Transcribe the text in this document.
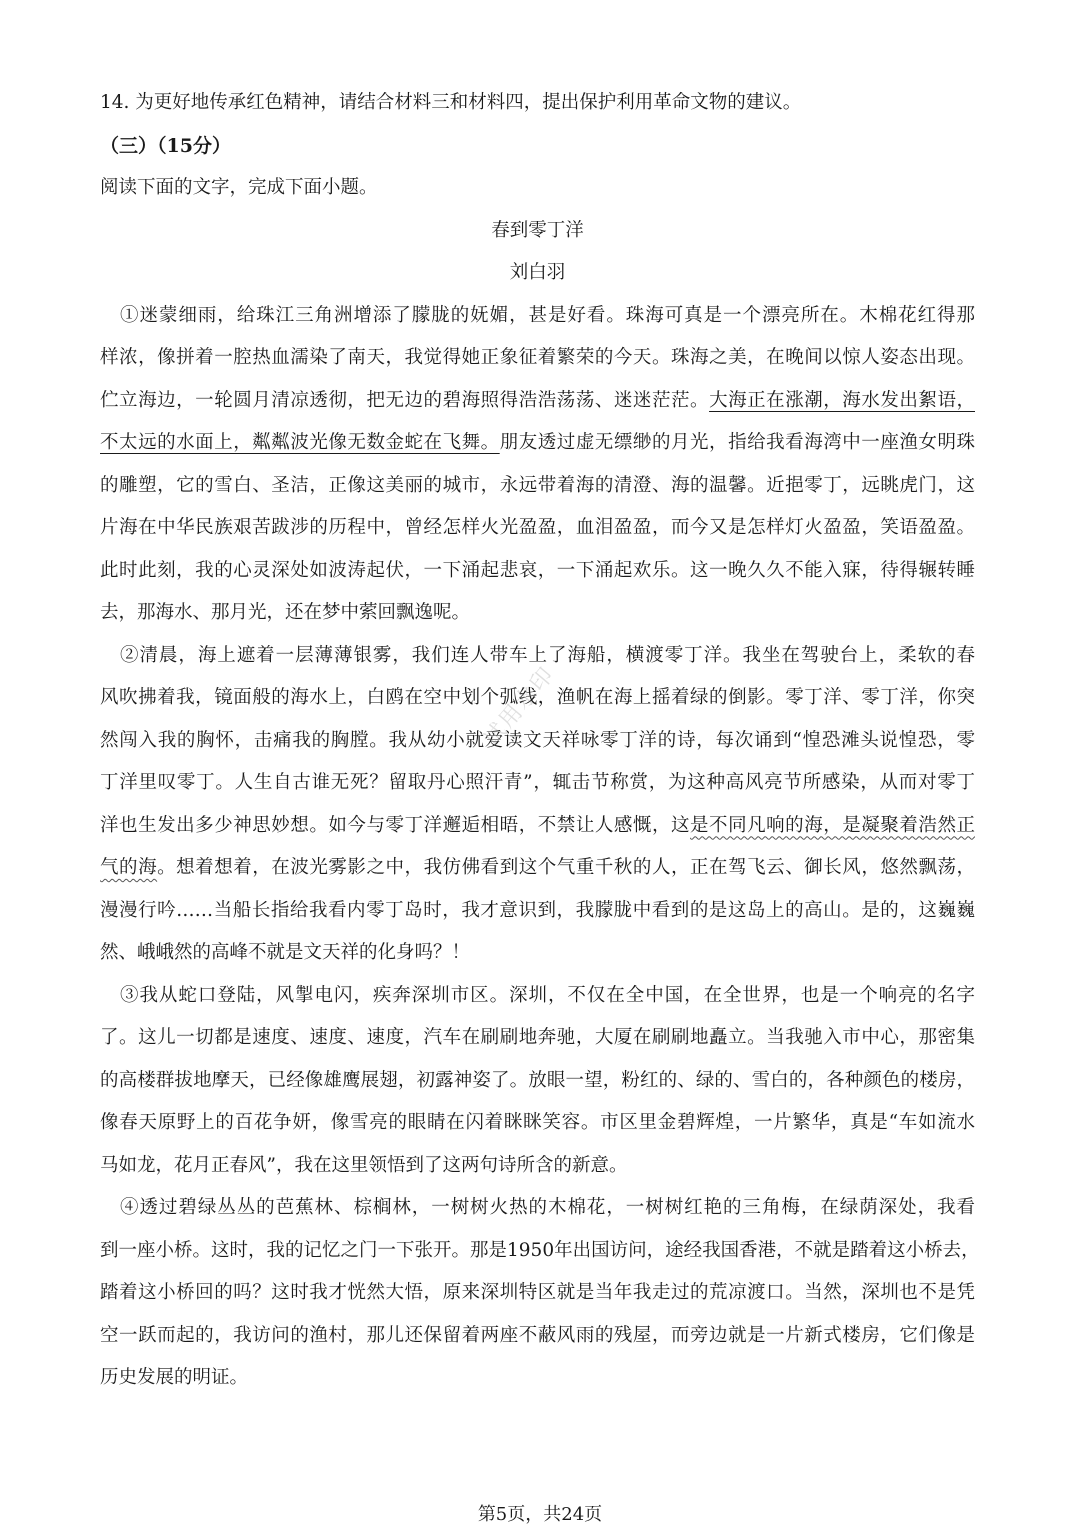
14. 为更好地传承红色精神，请结合材料三和材料四，提出保护利用革命文物的建议。
（三）（15分）
阅读下面的文字，完成下面小题。
春到零丁洋
刘白羽
①迷蒙细雨，给珠江三角洲增添了朦胧的妩媚，甚是好看。珠海可真是一个漂亮所在。木棉花红得那
样浓，像拼着一腔热血濡染了南天，我觉得她正象征着繁荣的今天。珠海之美，在晚间以惊人姿态出现。
伫立海边，一轮圆月清凉透彻，把无边的碧海照得浩浩荡荡、迷迷茫茫。大海正在涨潮，海水发出絮语，
不太远的水面上，粼粼波光像无数金蛇在飞舞。朋友透过虚无缥缈的月光，指给我看海湾中一座渔女明珠
的雕塑，它的雪白、圣洁，正像这美丽的城市，永远带着海的清澄、海的温馨。近挹零丁，远眺虎门，这
片海在中华民族艰苦跋涉的历程中，曾经怎样火光盈盈，血泪盈盈，而今又是怎样灯火盈盈，笑语盈盈。
此时此刻，我的心灵深处如波涛起伏，一下涌起悲哀，一下涌起欢乐。这一晚久久不能入寐，待得辗转睡
去，那海水、那月光，还在梦中萦回飘逸呢。
②清晨，海上遮着一层薄薄银雾，我们连人带车上了海船，横渡零丁洋。我坐在驾驶台上，柔软的春
风吹拂着我，镜面般的海水上，白鸥在空中划个弧线，渔帆在海上摇着绿的倒影。零丁洋、零丁洋，你突
然闯入我的胸怀，击痛我的胸膛。我从幼小就爱读文天祥咏零丁洋的诗，每次诵到“惶恐滩头说惶恐，零
丁洋里叹零丁。人生自古谁无死？留取丹心照汗青”，辄击节称赏，为这种高风亮节所感染，从而对零丁
洋也生发出多少神思妙想。如今与零丁洋邂逅相晤，不禁让人感慨，这是不同凡响的海，是凝聚着浩然正
气的海。想着想着，在波光雾影之中，我仿佛看到这个气重千秋的人，正在驾飞云、御长风，悠然飘荡，
漫漫行吟……当船长指给我看内零丁岛时，我才意识到，我朦胧中看到的是这岛上的高山。是的，这巍巍
然、峨峨然的高峰不就是文天祥的化身吗？！
③我从蛇口登陆，风掣电闪，疾奔深圳市区。深圳，不仅在全中国，在全世界，也是一个响亮的名字
了。这儿一切都是速度、速度、速度，汽车在刷刷地奔驰，大厦在刷刷地矗立。当我驰入市中心，那密集
的高楼群拔地摩天，已经像雄鹰展翅，初露神姿了。放眼一望，粉红的、绿的、雪白的，各种颜色的楼房，
像春天原野上的百花争妍，像雪亮的眼睛在闪着眯眯笑容。市区里金碧辉煌，一片繁华，真是“车如流水
马如龙，花月正春风”，我在这里领悟到了这两句诗所含的新意。
④透过碧绿丛丛的芭蕉林、棕榈林，一树树火热的木棉花，一树树红艳的三角梅，在绿荫深处，我看
到一座小桥。这时，我的记忆之门一下张开。那是1950年出国访问，途经我国香港，不就是踏着这小桥去，
踏着这小桥回的吗？这时我才恍然大悟，原来深圳特区就是当年我走过的荒凉渡口。当然，深圳也不是凭
空一跃而起的，我访问的渔村，那儿还保留着两座不蔽风雨的残屋，而旁边就是一片新式楼房，它们像是
历史发展的明证。
试用水印
第5页，共24页
